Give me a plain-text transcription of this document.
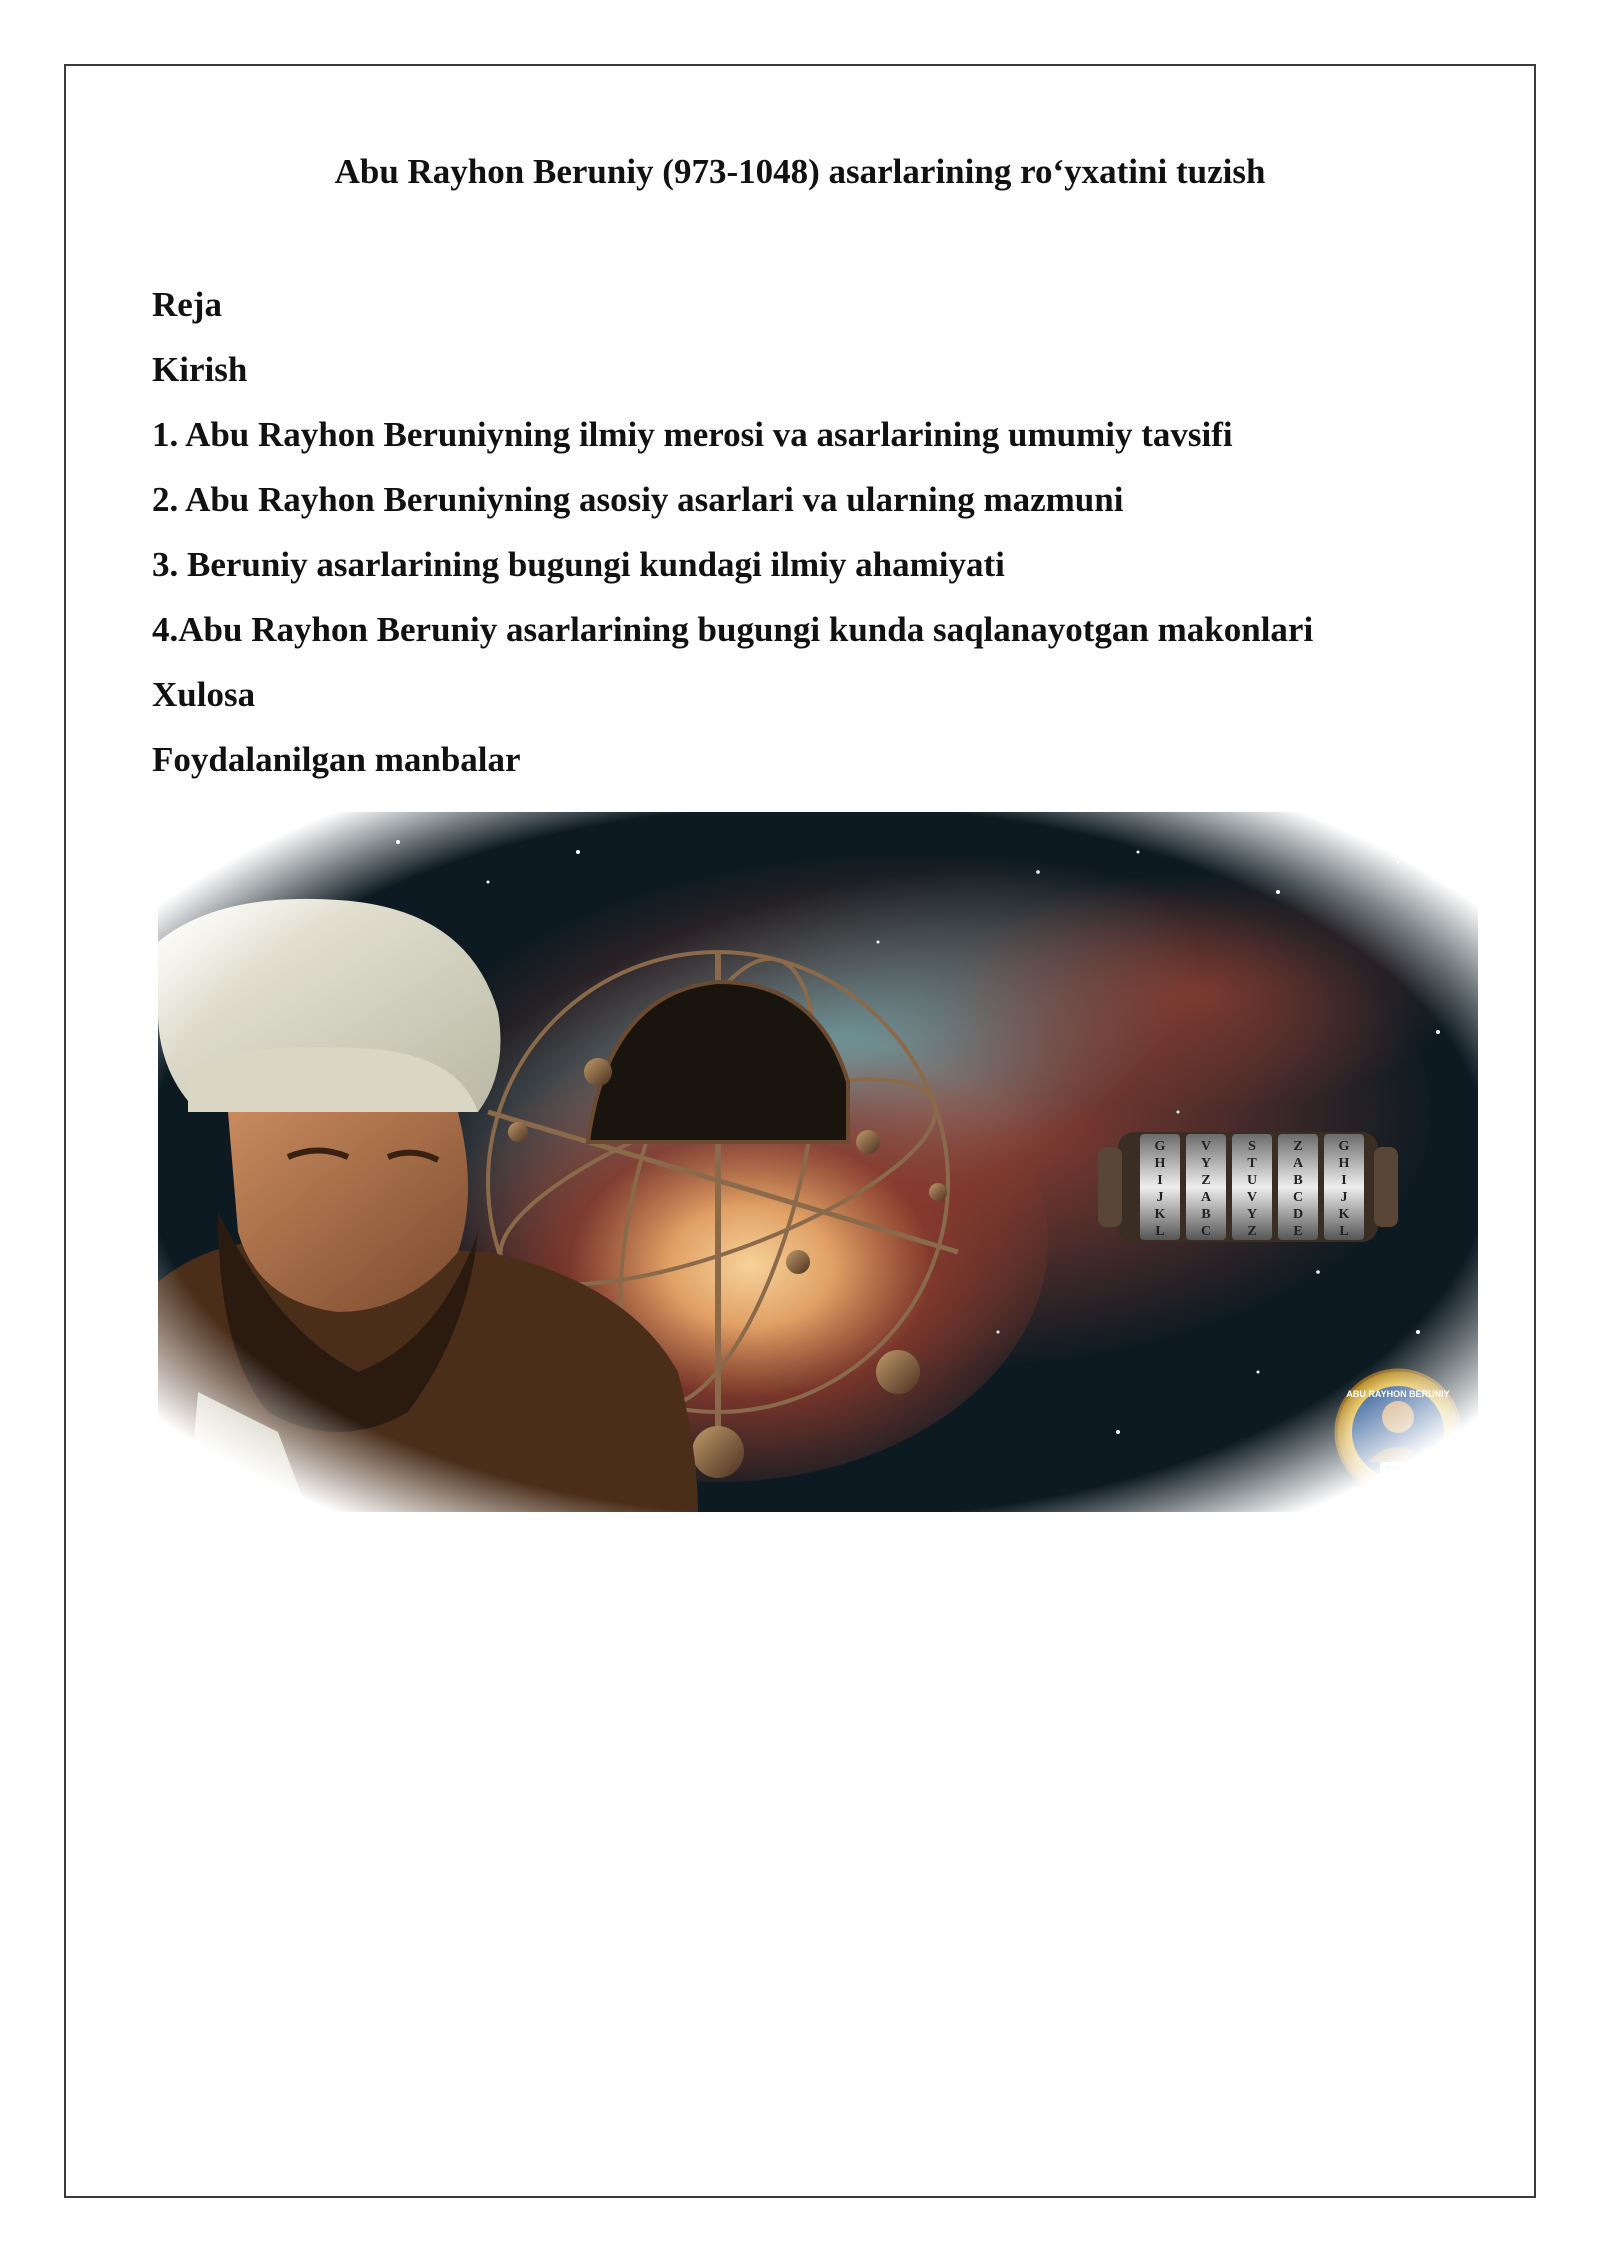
Abu Rayhon Beruniy (973-1048) asarlarining ro‘yxatini tuzish
Reja
Kirish
1. Abu Rayhon Beruniyning ilmiy merosi va asarlarining umumiy tavsifi
2. Abu Rayhon Beruniyning asosiy asarlari va ularning mazmuni
3. Beruniy asarlarining bugungi kundagi ilmiy ahamiyati
4.Abu Rayhon Beruniy asarlarining bugungi kunda saqlanayotgan makonlari
Xulosa
Foydalanilgan manbalar
